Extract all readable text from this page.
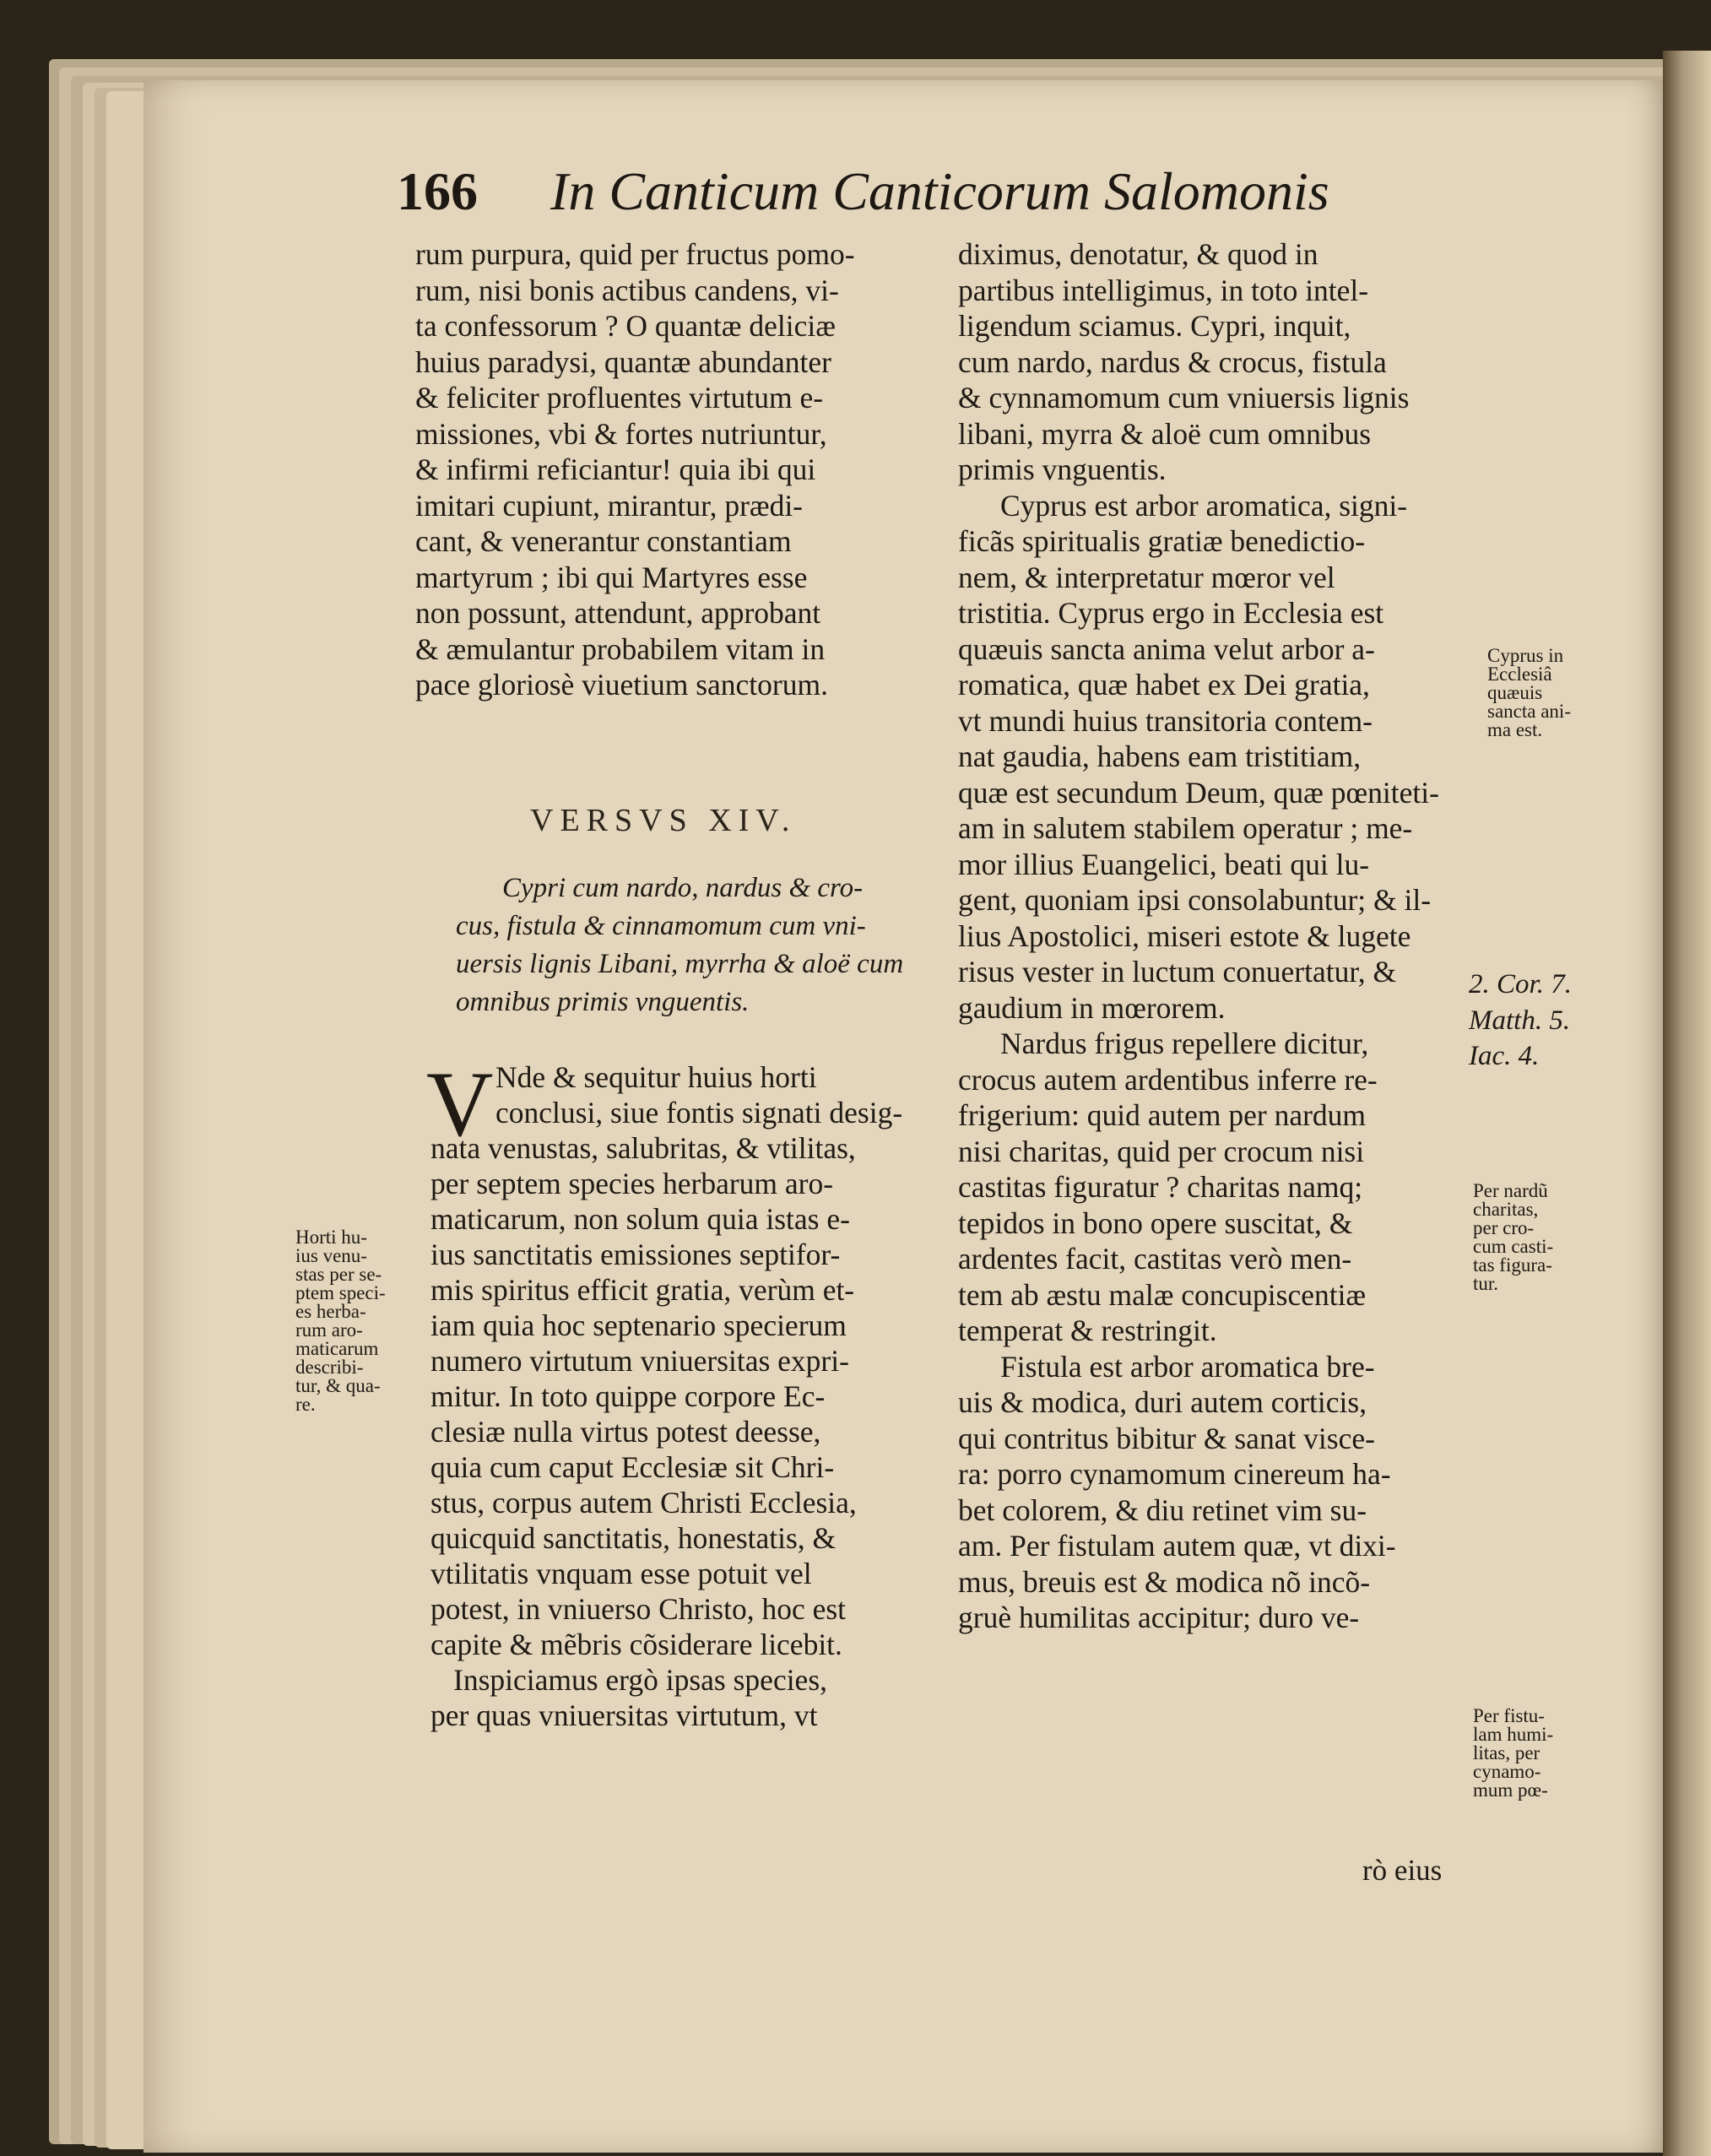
166 In Canticum Canticorum Salomonis
rum purpura, quid per fructus pomo-
rum, nisi bonis actibus candens, vi-
ta confessorum ? O quantæ deliciæ
huius paradysi, quantæ abundanter
& feliciter profluentes virtutum e-
missiones, vbi & fortes nutriuntur,
& infirmi reficiantur! quia ibi qui
imitari cupiunt, mirantur, prædi-
cant, & venerantur constantiam
martyrum ; ibi qui Martyres esse
non possunt, attendunt, approbant
& æmulantur probabilem vitam in
pace gloriosè viuetium sanctorum.
VERSVS XIV.
Cypri cum nardo, nardus & cro-
cus, fistula & cinnamomum cum vni-
uersis lignis Libani, myrrha & aloë cum
omnibus primis vnguentis.
V Nde & sequitur huius horti
conclusi, siue fontis signati desig-
nata venustas, salubritas, & vtilitas,
per septem species herbarum aro-
maticarum, non solum quia istas e-
ius sanctitatis emissiones septifor-
mis spiritus efficit gratia, verùm et-
iam quia hoc septenario specierum
numero virtutum vniuersitas expri-
mitur. In toto quippe corpore Ec-
clesiæ nulla virtus potest deesse,
quia cum caput Ecclesiæ sit Chri-
stus, corpus autem Christi Ecclesia,
quicquid sanctitatis, honestatis, &
vtilitatis vnquam esse potuit vel
potest, in vniuerso Christo, hoc est
capite & mẽbris cõsiderare licebit.
Inspiciamus ergò ipsas species,
per quas vniuersitas virtutum, vt
diximus, denotatur, & quod in
partibus intelligimus, in toto intel-
ligendum sciamus. Cypri, inquit,
cum nardo, nardus & crocus, fistula
& cynnamomum cum vniuersis lignis
libani, myrra & aloë cum omnibus
primis vnguentis.
Cyprus est arbor aromatica, signi-
ficãs spiritualis gratiæ benedictio-
nem, & interpretatur mœror vel
tristitia. Cyprus ergo in Ecclesia est
quæuis sancta anima velut arbor a-
romatica, quæ habet ex Dei gratia,
vt mundi huius transitoria contem-
nat gaudia, habens eam tristitiam,
quæ est secundum Deum, quæ pœniteti-
am in salutem stabilem operatur ; me-
mor illius Euangelici, beati qui lu-
gent, quoniam ipsi consolabuntur; & il-
lius Apostolici, miseri estote & lugete
risus vester in luctum conuertatur, &
gaudium in mœrorem.
Nardus frigus repellere dicitur,
crocus autem ardentibus inferre re-
frigerium: quid autem per nardum
nisi charitas, quid per crocum nisi
castitas figuratur ? charitas namq;
tepidos in bono opere suscitat, &
ardentes facit, castitas verò men-
tem ab æstu malæ concupiscentiæ
temperat & restringit.
Fistula est arbor aromatica bre-
uis & modica, duri autem corticis,
qui contritus bibitur & sanat visce-
ra: porro cynamomum cinereum ha-
bet colorem, & diu retinet vim su-
am. Per fistulam autem quæ, vt dixi-
mus, breuis est & modica nõ incõ-
gruè humilitas accipitur; duro ve-
Horti hu-
ius venu-
stas per se-
ptem speci-
es herba-
rum aro-
maticarum
describi-
tur, & qua-
re.
Cyprus in
Ecclesiâ
quæuis
sancta ani-
ma est.
2. Cor. 7.
Matth. 5.
Iac. 4.
Per nardũ
charitas,
per cro-
cum casti-
tas figura-
tur.
Per fistu-
lam humi-
litas, per
cynamo-
mum pœ-
rò eius
